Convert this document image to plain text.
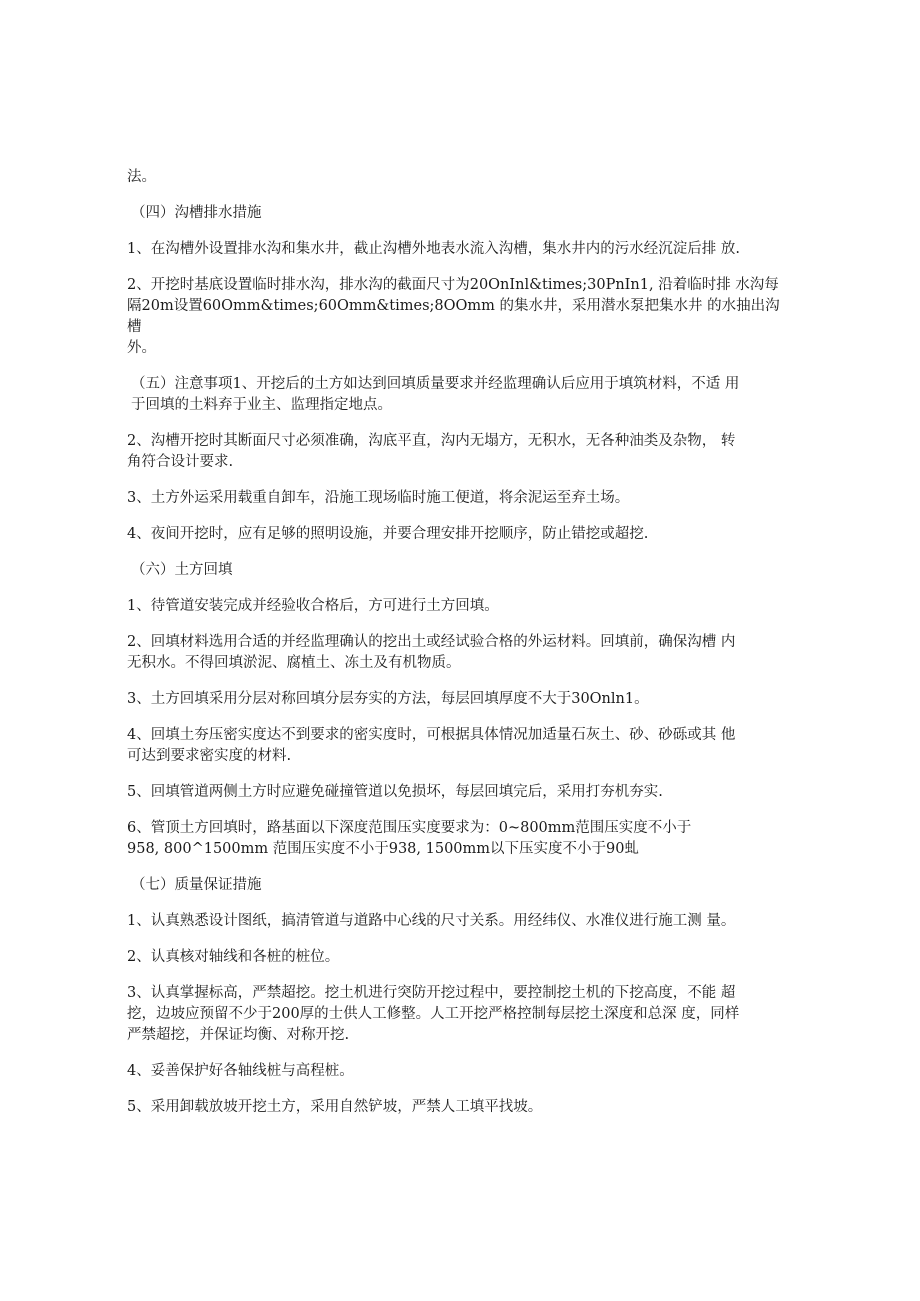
法。

（四）沟槽排水措施

1、在沟槽外设置排水沟和集水井，截止沟槽外地表水流入沟槽，集水井内的污水经沉淀后排 放.

2、开挖时基底设置临时排水沟，排水沟的截面尺寸为20OnInl&times;30PnIn1, 沿着临时排 水沟每
隔20m设置60Omm&times;60Omm&times;8OOmm 的集水井，采用潜水泵把集水井 的水抽出沟槽
外。

（五）注意事项1、开挖后的土方如达到回填质量要求并经监理确认后应用于填筑材料，不适 用
于回填的土料弃于业主、监理指定地点。

2、沟槽开挖时其断面尺寸必须准确，沟底平直，沟内无塌方，无积水，无各种油类及杂物， 转
角符合设计要求.

3、土方外运采用载重自卸车，沿施工现场临时施工便道，将余泥运至弃土场。

4、夜间开挖时，应有足够的照明设施，并要合理安排开挖顺序，防止错挖或超挖.

（六）土方回填

1、待管道安装完成并经验收合格后，方可进行土方回填。

2、回填材料选用合适的并经监理确认的挖出土或经试验合格的外运材料。回填前，确保沟槽 内
无积水。不得回填淤泥、腐植土、冻土及有机物质。

3、土方回填采用分层对称回填分层夯实的方法，每层回填厚度不大于30Onln1。

4、回填土夯压密实度达不到要求的密实度时，可根据具体情况加适量石灰土、砂、砂砾或其 他
可达到要求密实度的材料.

5、回填管道两侧土方时应避免碰撞管道以免损坏，每层回填完后，采用打夯机夯实.

6、管顶土方回填时，路基面以下深度范围压实度要求为：0~800mm范围压实度不小于
958, 800^1500mm 范围压实度不小于938, 1500mm以下压实度不小于90虬

（七）质量保证措施

1、认真熟悉设计图纸，搞清管道与道路中心线的尺寸关系。用经纬仪、水准仪进行施工测 量。

2、认真核对轴线和各桩的桩位。

3、认真掌握标高，严禁超挖。挖土机进行突防开挖过程中，要控制挖土机的下挖高度，不能 超
挖，边坡应预留不少于200厚的士供人工修整。人工开挖严格控制每层挖土深度和总深 度，同样
严禁超挖，并保证均衡、对称开挖.

4、妥善保护好各轴线桩与高程桩。

5、采用卸载放坡开挖土方，采用自然铲坡，严禁人工填平找坡。
